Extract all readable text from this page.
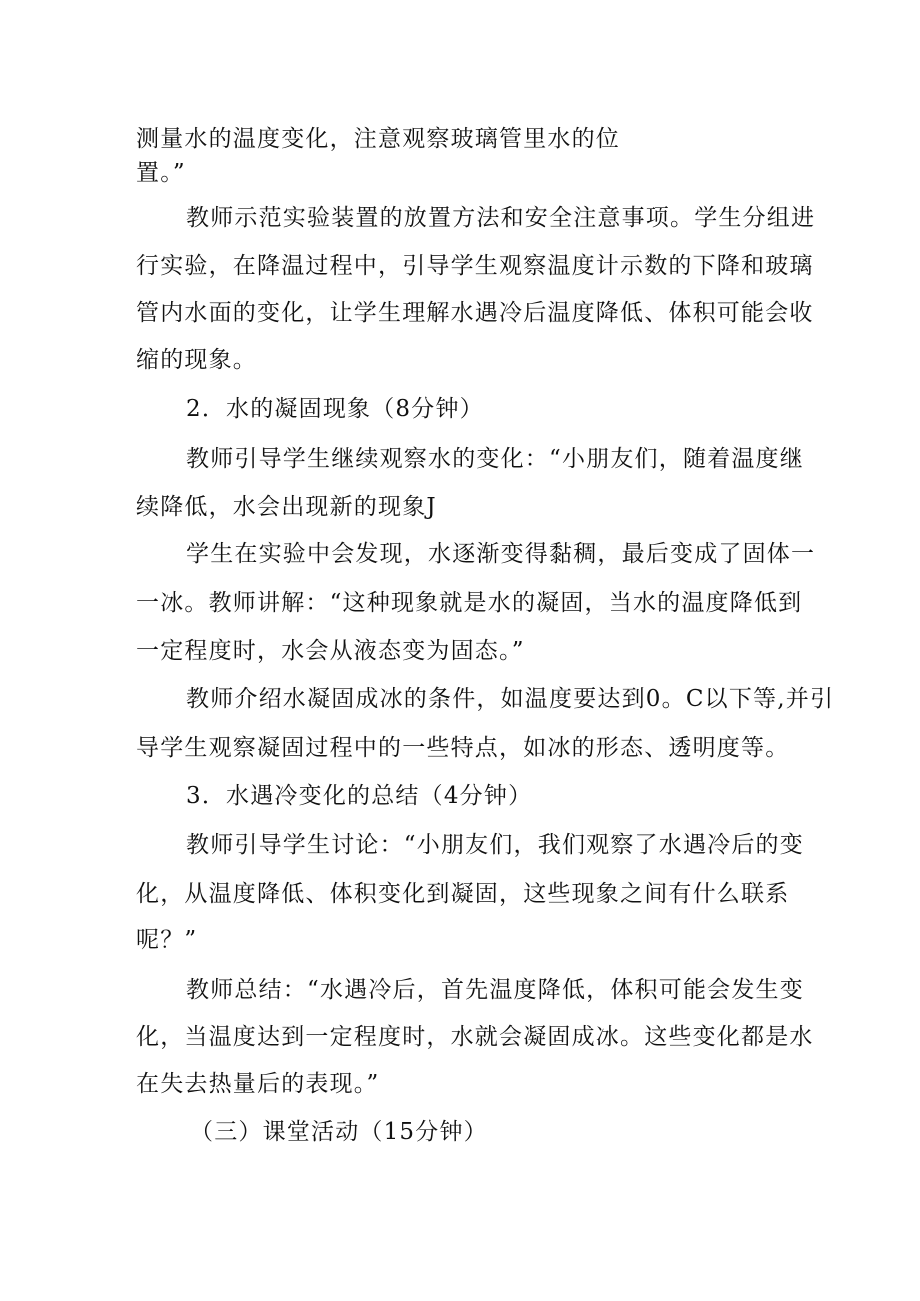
测量水的温度变化，注意观察玻璃管里水的位
置。”
教师示范实验装置的放置方法和安全注意事项。学生分组进
行实验，在降温过程中，引导学生观察温度计示数的下降和玻璃
管内水面的变化，让学生理解水遇冷后温度降低、体积可能会收
缩的现象。
2．水的凝固现象（8分钟）
教师引导学生继续观察水的变化：“小朋友们，随着温度继
续降低，水会出现新的现象J
学生在实验中会发现，水逐渐变得黏稠，最后变成了固体一
一冰。教师讲解：“这种现象就是水的凝固，当水的温度降低到
一定程度时，水会从液态变为固态。”
教师介绍水凝固成冰的条件，如温度要达到0。C以下等,并引
导学生观察凝固过程中的一些特点，如冰的形态、透明度等。
3．水遇冷变化的总结（4分钟）
教师引导学生讨论：“小朋友们，我们观察了水遇冷后的变
化，从温度降低、体积变化到凝固，这些现象之间有什么联系
呢？”
教师总结：“水遇冷后，首先温度降低，体积可能会发生变
化，当温度达到一定程度时，水就会凝固成冰。这些变化都是水
在失去热量后的表现。”
（三）课堂活动（15分钟）
